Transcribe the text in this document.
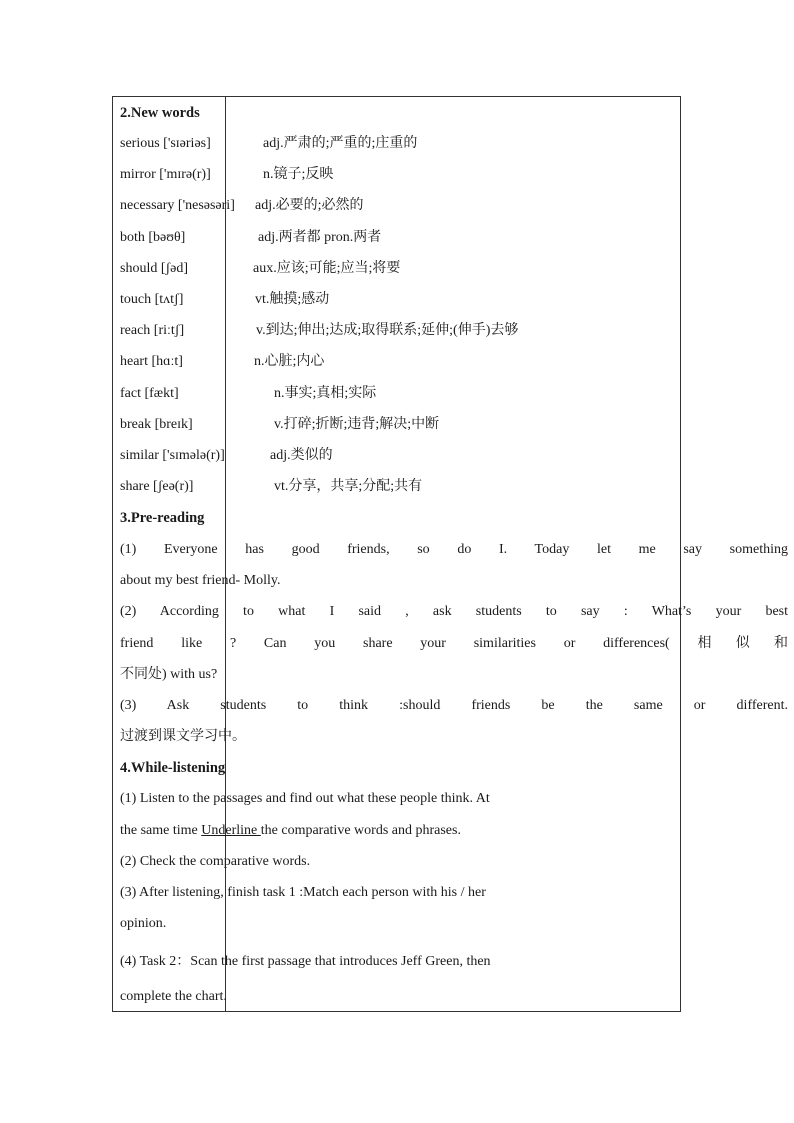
2.New words
serious ['sɪəriəs]	adj.严肃的;严重的;庄重的
mirror ['mɪrə(r)]	n.镜子;反映
necessary ['nesəsəri] adj.必要的;必然的
both [bəʊθ]	adj.两者都 pron.两者
should [ʃəd]	aux.应该;可能;应当;将要
touch [tʌtʃ]	vt.触摸;感动
reach [riːtʃ]	v.到达;伸出;达成;取得联系;延伸;(伸手)去够
heart [hɑːt]	n.心脏;内心
fact [fækt]	n.事实;真相;实际
break [breɪk]	v.打碎;折断;违背;解决;中断
similar ['sɪmələ(r)]	adj.类似的
share [ʃeə(r)]	vt.分享，共享;分配;共有
3.Pre-reading
(1) Everyone has good friends, so do I. Today let me say something
about my best friend- Molly.
(2) According to what I said , ask students to say : What’s your best
friend like ? Can you share your similarities or differences( 相似和
不同处) with us?
(3) Ask students to think :should friends be the same or different.
过渡到课文学习中。
4.While-listening
(1) Listen to the passages and find out what these people think. At
the same time Underline the comparative words and phrases.
(2) Check the comparative words.
(3) After listening, finish task 1 :Match each person with his / her
opinion.
(4) Task 2：Scan the first passage that introduces Jeff Green, then
complete the chart.
